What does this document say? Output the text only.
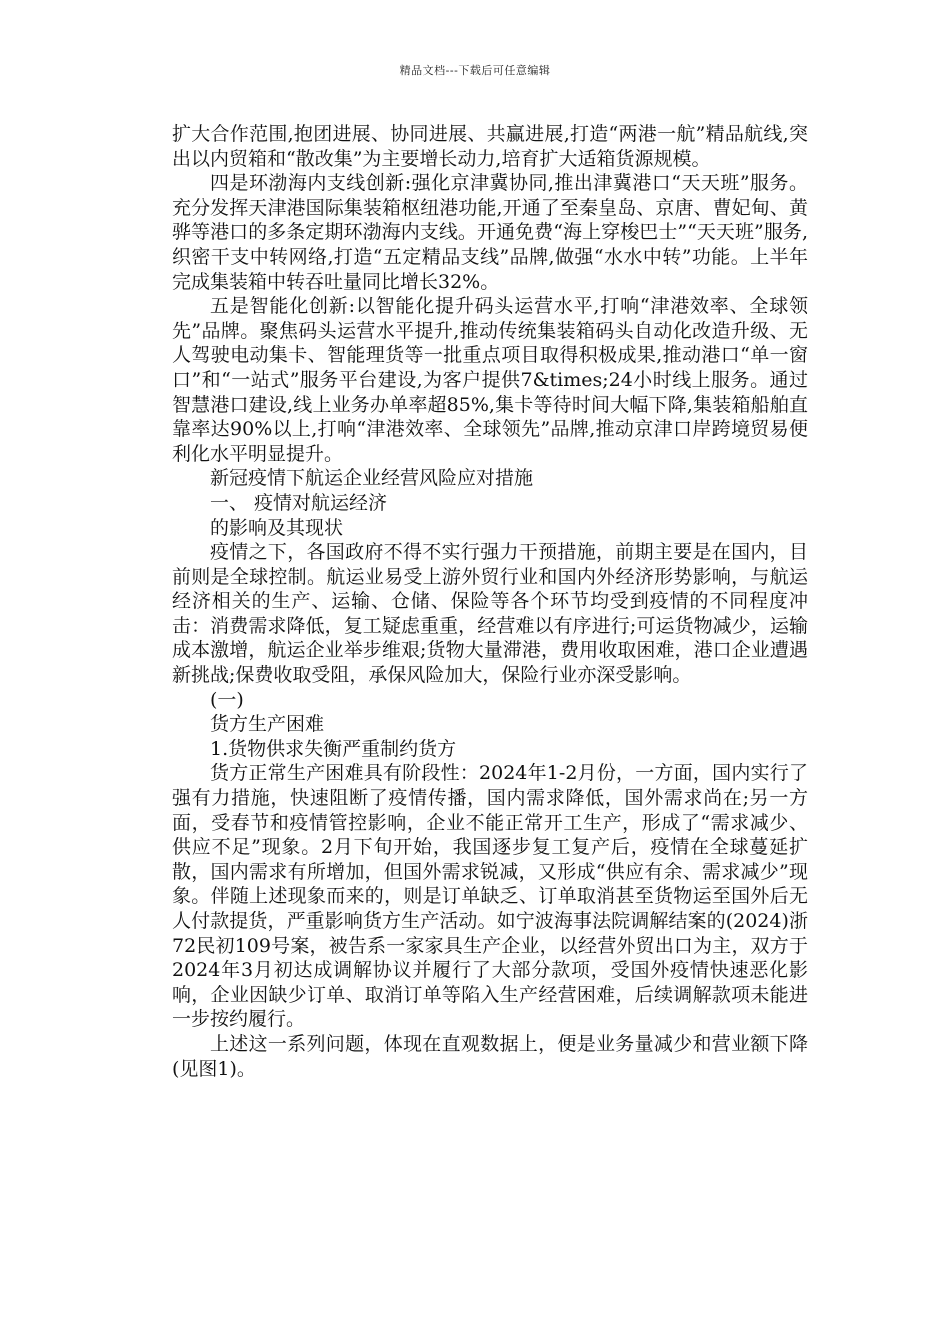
精品文档---下载后可任意编辑

扩大合作范围,抱团进展、协同进展、共赢进展,打造“两港一航”精品航线,突出以内贸箱和“散改集”为主要增长动力,培育扩大适箱货源规模。

四是环渤海内支线创新:强化京津冀协同,推出津冀港口“天天班”服务。充分发挥天津港国际集装箱枢纽港功能,开通了至秦皇岛、京唐、曹妃甸、黄骅等港口的多条定期环渤海内支线。开通免费“海上穿梭巴士”“天天班”服务,织密干支中转网络,打造“五定精品支线”品牌,做强“水水中转”功能。上半年完成集装箱中转吞吐量同比增长32%。

五是智能化创新:以智能化提升码头运营水平,打响“津港效率、全球领先”品牌。聚焦码头运营水平提升,推动传统集装箱码头自动化改造升级、无人驾驶电动集卡、智能理货等一批重点项目取得积极成果,推动港口“单一窗口”和“一站式”服务平台建设,为客户提供7&times;24小时线上服务。通过智慧港口建设,线上业务办单率超85%,集卡等待时间大幅下降,集装箱船舶直靠率达90%以上,打响“津港效率、全球领先”品牌,推动京津口岸跨境贸易便利化水平明显提升。

新冠疫情下航运企业经营风险应对措施

一、 疫情对航运经济

的影响及其现状

疫情之下，各国政府不得不实行强力干预措施，前期主要是在国内，目前则是全球控制。航运业易受上游外贸行业和国内外经济形势影响，与航运经济相关的生产、运输、仓储、保险等各个环节均受到疫情的不同程度冲击：消费需求降低，复工疑虑重重，经营难以有序进行;可运货物减少，运输成本激增，航运企业举步维艰;货物大量滞港，费用收取困难，港口企业遭遇新挑战;保费收取受阻，承保风险加大，保险行业亦深受影响。

(一)

货方生产困难

1.货物供求失衡严重制约货方

货方正常生产困难具有阶段性：2024年1-2月份，一方面，国内实行了强有力措施，快速阻断了疫情传播，国内需求降低，国外需求尚在;另一方面，受春节和疫情管控影响，企业不能正常开工生产，形成了“需求减少、供应不足”现象。2月下旬开始，我国逐步复工复产后，疫情在全球蔓延扩散，国内需求有所增加，但国外需求锐减，又形成“供应有余、需求减少”现象。伴随上述现象而来的，则是订单缺乏、订单取消甚至货物运至国外后无人付款提货，严重影响货方生产活动。如宁波海事法院调解结案的(2024)浙72民初109号案，被告系一家家具生产企业，以经营外贸出口为主，双方于2024年3月初达成调解协议并履行了大部分款项，受国外疫情快速恶化影响，企业因缺少订单、取消订单等陷入生产经营困难，后续调解款项未能进一步按约履行。

上述这一系列问题，体现在直观数据上，便是业务量减少和营业额下降(见图1)。
